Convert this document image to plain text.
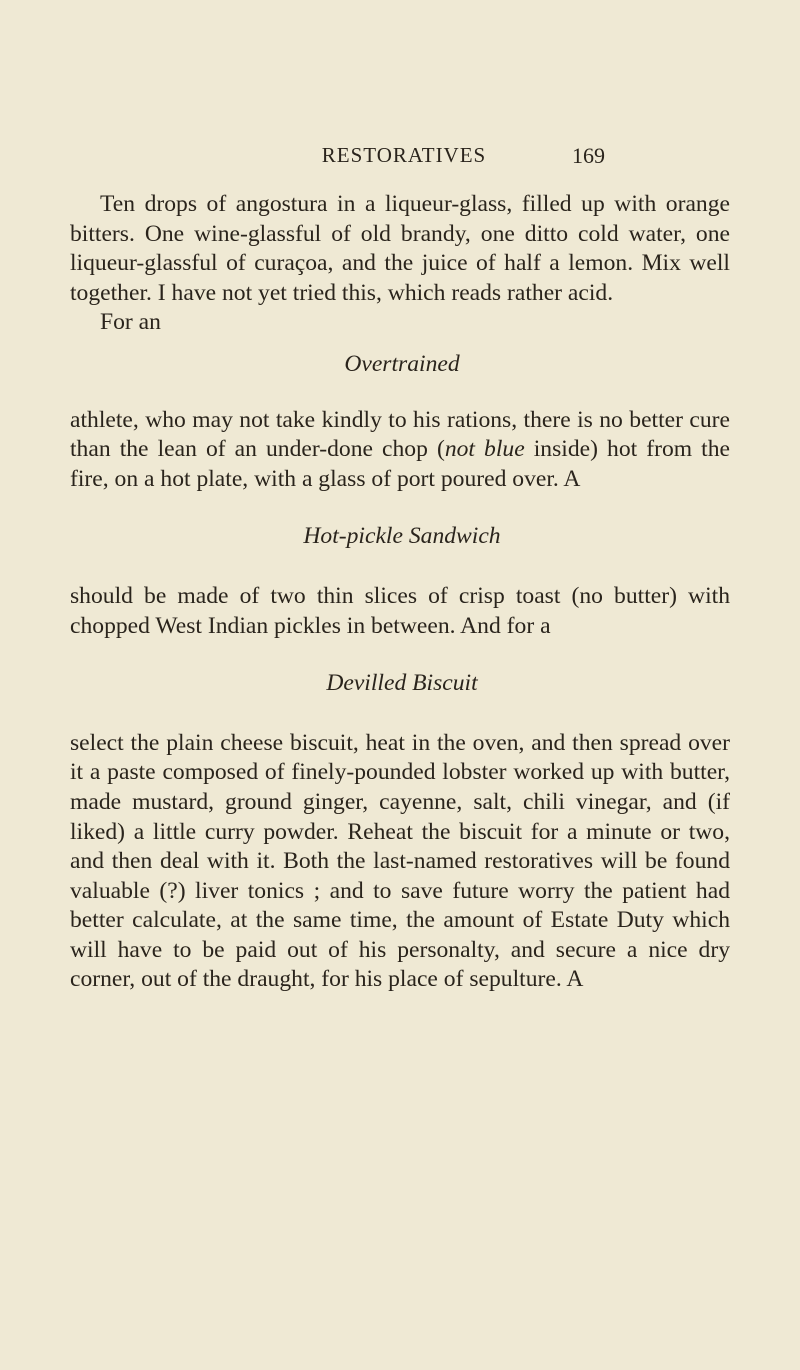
RESTORATIVES	169

Ten drops of angostura in a liqueur-glass, filled up with orange bitters. One wine-glassful of old brandy, one ditto cold water, one liqueur-glassful of curaçoa, and the juice of half a lemon. Mix well together. I have not yet tried this, which reads rather acid.

For an

Overtrained

athlete, who may not take kindly to his rations, there is no better cure than the lean of an under-done chop (not blue inside) hot from the fire, on a hot plate, with a glass of port poured over. A

Hot-pickle Sandwich

should be made of two thin slices of crisp toast (no butter) with chopped West Indian pickles in between. And for a

Devilled Biscuit

select the plain cheese biscuit, heat in the oven, and then spread over it a paste composed of finely-pounded lobster worked up with butter, made mustard, ground ginger, cayenne, salt, chili vinegar, and (if liked) a little curry powder. Reheat the biscuit for a minute or two, and then deal with it. Both the last-named restoratives will be found valuable (?) liver tonics ; and to save future worry the patient had better calculate, at the same time, the amount of Estate Duty which will have to be paid out of his personalty, and secure a nice dry corner, out of the draught, for his place of sepulture. A
